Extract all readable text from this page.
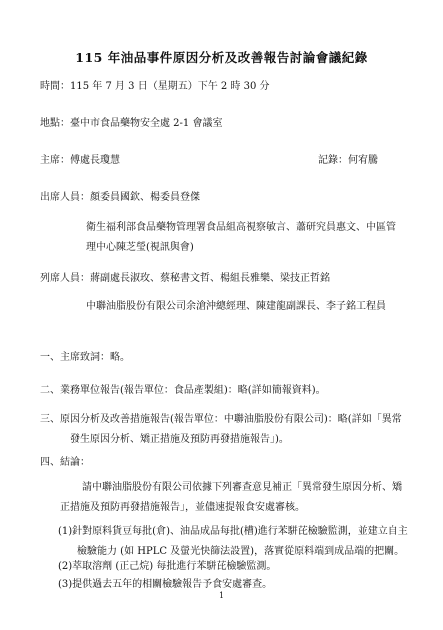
115 年油品事件原因分析及改善報告討論會議紀錄
時間：115 年 7 月 3 日（星期五）下午 2 時 30 分
地點：臺中市食品藥物安全處 2-1 會議室
主席：傅處長瓊慧	記錄：何宥騰
出席人員：顏委員國欽、楊委員登傑
衛生福利部食品藥物管理署食品組高視察敏言、蕭研究員惠文、中區管理中心陳芝瑩(視訊與會)
列席人員：蔣副處長淑玫、蔡秘書文哲、楊組長雅樂、梁技正哲銘
中聯油脂股份有限公司余滄沖總經理、陳建龍副課長、李子銘工程員
一、主席致詞：略。
二、業務單位報告(報告單位：食品產製組)：略(詳如簡報資料)。
三、原因分析及改善措施報告(報告單位：中聯油脂股份有限公司)：略(詳如「異常發生原因分析、矯正措施及預防再發措施報告」)。
四、結論：
請中聯油脂股份有限公司依據下列審查意見補正「異常發生原因分析、矯正措施及預防再發措施報告」，並儘速提報食安處審核。
(1)針對原料貨豆每批(倉)、油品成品每批(槽)進行苯駢芘檢驗監測，並建立自主檢驗能力 (如 HPLC 及螢光快篩法設置)，落實從原料端到成品端的把關。
1
(2)萃取溶劑 (正己烷) 每批進行苯駢芘檢驗監測。
(3)提供過去五年的相關檢驗報告予食安處審查。
